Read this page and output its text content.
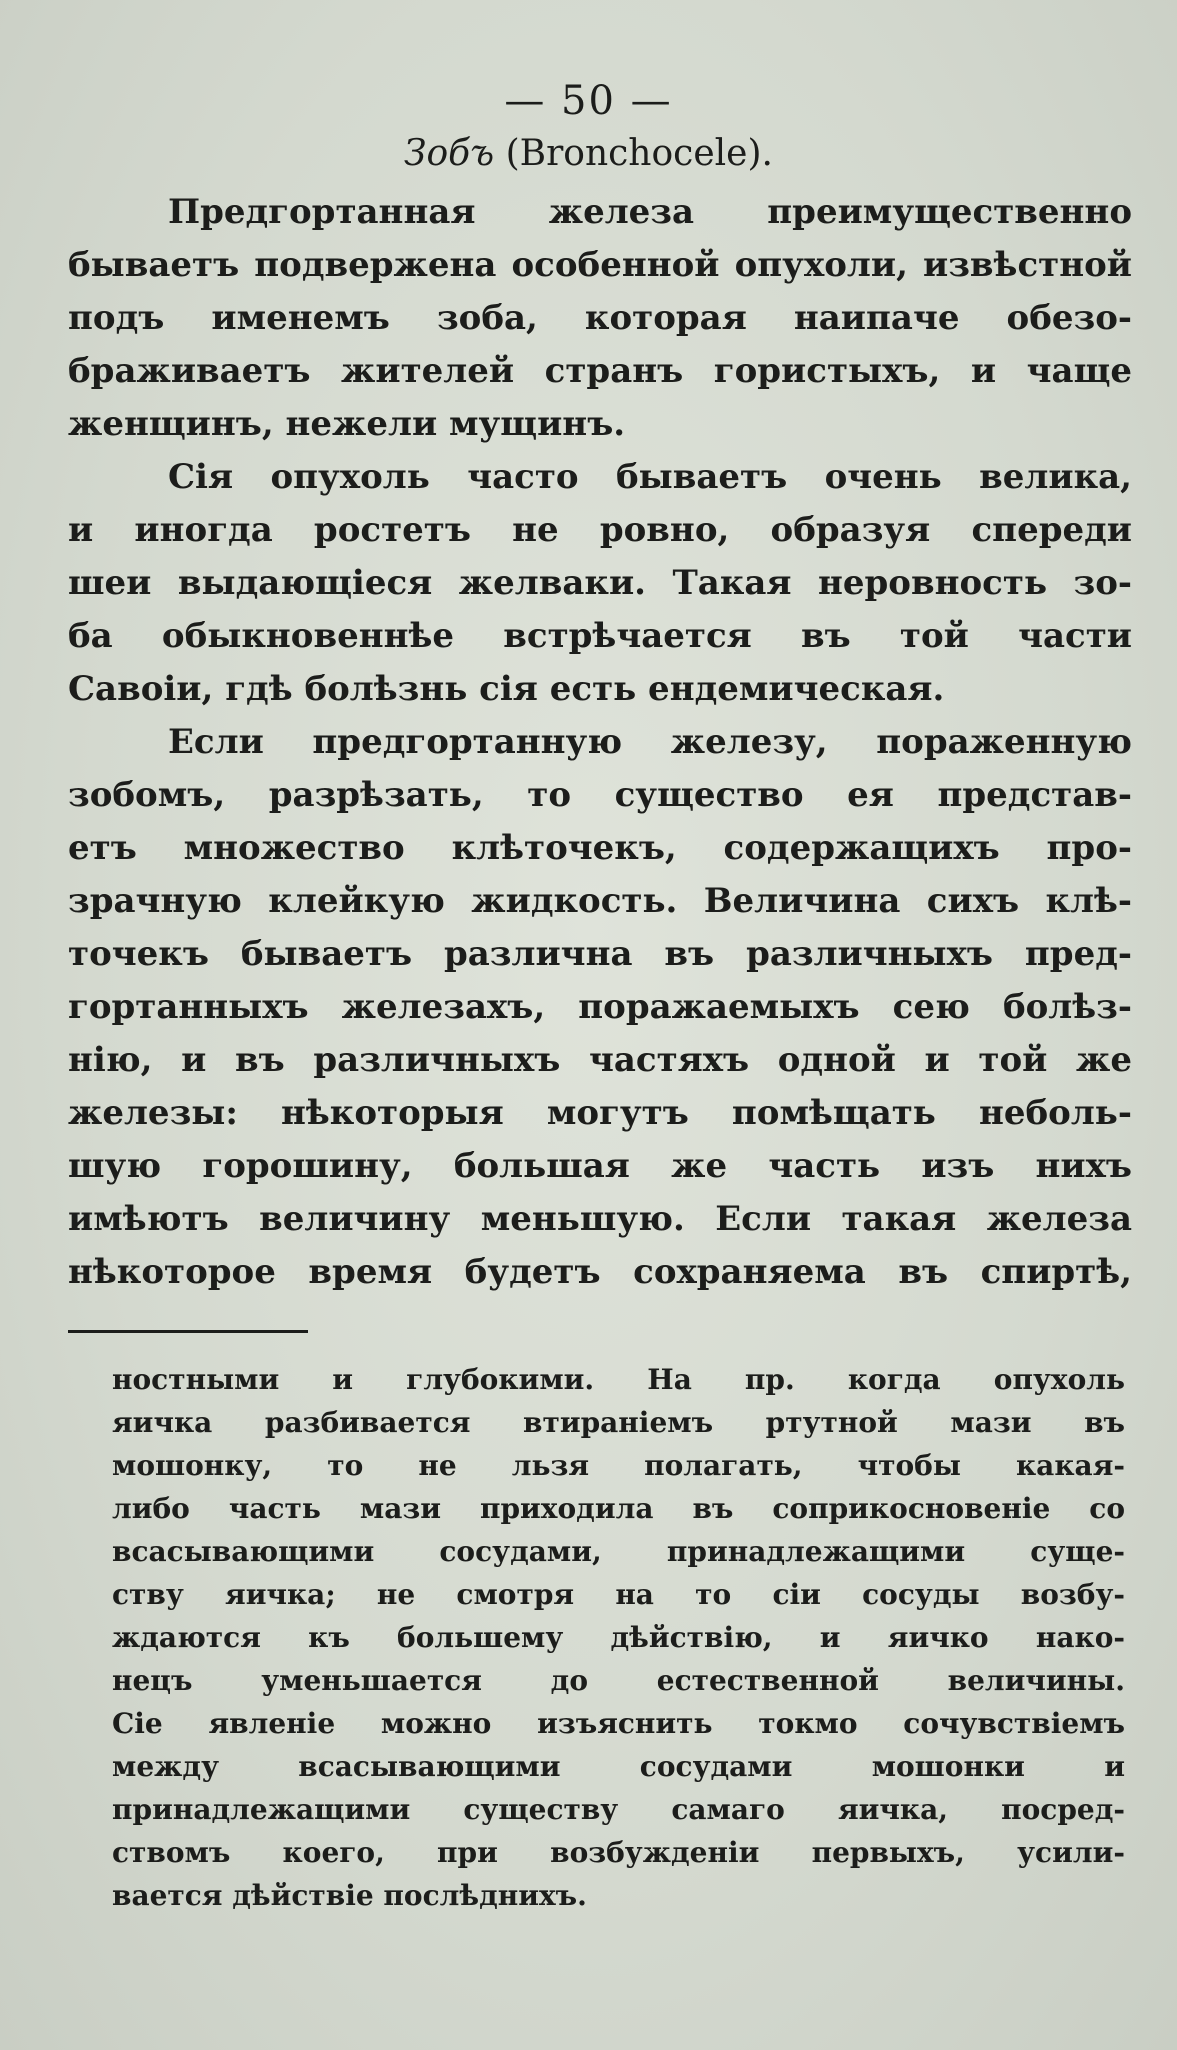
— 50 —
Зобъ (Bronchocele).
Предгортанная железа преимущественно
бываетъ подвержена особенной опухоли, извѣстной
подъ именемъ зоба, которая наипаче обезо-
браживаетъ жителей странъ гористыхъ, и чаще
женщинъ, нежели мущинъ.
Сія опухоль часто бываетъ очень велика,
и иногда ростетъ не ровно, образуя спереди
шеи выдающіеся желваки. Такая неровность зо-
ба обыкновеннѣе встрѣчается въ той части
Савоіи, гдѣ болѣзнь сія есть ендемическая.
Если предгортанную железу, пораженную
зобомъ, разрѣзать, то существо ея представ-
етъ множество клѣточекъ, содержащихъ про-
зрачную клейкую жидкость. Величина сихъ клѣ-
точекъ бываетъ различна въ различныхъ пред-
гортанныхъ железахъ, поражаемыхъ сею болѣз-
нію, и въ различныхъ частяхъ одной и той же
железы: нѣкоторыя могутъ помѣщать неболь-
шую горошину, большая же часть изъ нихъ
имѣютъ величину меньшую. Если такая железа
нѣкоторое время будетъ сохраняема въ спиртѣ,
ностными и глубокими. На пр. когда опухоль
яичка разбивается втираніемъ ртутной мази въ
мошонку, то не льзя полагать, чтобы какая-
либо часть мази приходила въ соприкосновеніе со
всасывающими сосудами, принадлежащими суще-
ству яичка; не смотря на то сіи сосуды возбу-
ждаются къ большему дѣйствію, и яичко нако-
нецъ уменьшается до естественной величины.
Сіе явленіе можно изъяснить токмо сочувствіемъ
между всасывающими сосудами мошонки и
принадлежащими существу самаго яичка, посред-
ствомъ коего, при возбужденіи первыхъ, усили-
вается дѣйствіе послѣднихъ.
